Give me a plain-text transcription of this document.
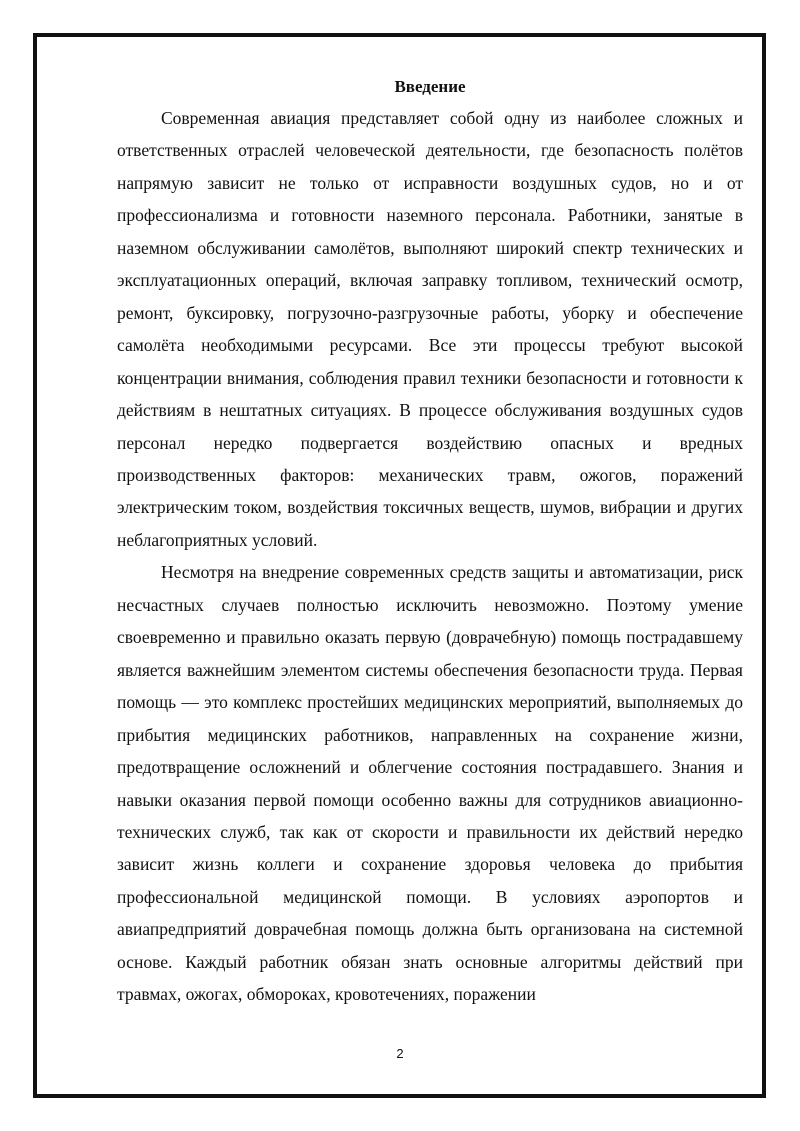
Введение

Современная авиация представляет собой одну из наиболее сложных и ответственных отраслей человеческой деятельности, где безопасность полётов напрямую зависит не только от исправности воздушных судов, но и от профессионализма и готовности наземного персонала. Работники, занятые в наземном обслуживании самолётов, выполняют широкий спектр технических и эксплуатационных операций, включая заправку топливом, технический осмотр, ремонт, буксировку, погрузочно-разгрузочные работы, уборку и обеспечение самолёта необходимыми ресурсами. Все эти процессы требуют высокой концентрации внимания, соблюдения правил техники безопасности и готовности к действиям в нештатных ситуациях. В процессе обслуживания воздушных судов персонал нередко подвергается воздействию опасных и вредных производственных факторов: механических травм, ожогов, поражений электрическим током, воздействия токсичных веществ, шумов, вибрации и других неблагоприятных условий.

Несмотря на внедрение современных средств защиты и автоматизации, риск несчастных случаев полностью исключить невозможно. Поэтому умение своевременно и правильно оказать первую (доврачебную) помощь пострадавшему является важнейшим элементом системы обеспечения безопасности труда. Первая помощь — это комплекс простейших медицинских мероприятий, выполняемых до прибытия медицинских работников, направленных на сохранение жизни, предотвращение осложнений и облегчение состояния пострадавшего. Знания и навыки оказания первой помощи особенно важны для сотрудников авиационно-технических служб, так как от скорости и правильности их действий нередко зависит жизнь коллеги и сохранение здоровья человека до прибытия профессиональной медицинской помощи. В условиях аэропортов и авиапредприятий доврачебная помощь должна быть организована на системной основе. Каждый работник обязан знать основные алгоритмы действий при травмах, ожогах, обмороках, кровотечениях, поражении

2
